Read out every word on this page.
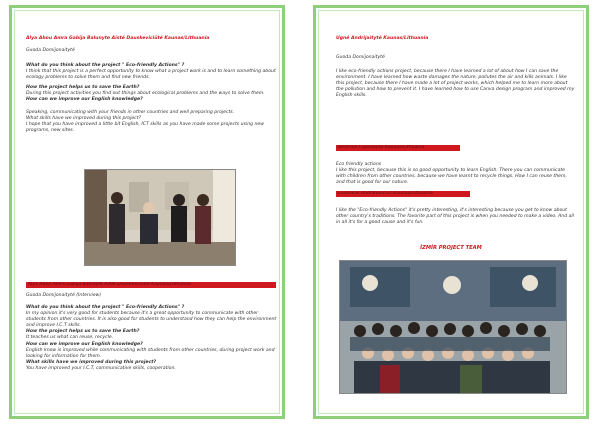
Alya Abou Amra Gabija Balunyte Aisté Dauskeviciūté Kaunas/Lithuania
Guoda Domijonaityté
What do you think about the project " Eco-friendly Actions" ?
I think that this project is a perfect opportunity to know what a project work is and to learn something about ecology problems to solve them and find new friends.
How the project helps us to save the Earth?
During this project activities you find out things about ecological problems and the ways to solve them.
How can we improve our English knowledge?
Speaking, communicating with your friends in other countries and well preparing projects.
What skills have we improved during this project?
I hope that you have improved a little bit English, ICT skills as you have made some projects using new programs, new sites.
Alya Abou Amra Gabija Balunyte Aisté Dauskeviciūté Kaunas/Lithuania
Guoda Domijonaityté (Interview)
What do you think about the project " Eco-friendly Actions" ?
In my opinion it's very good for students because it's a great opportunity to communicate with other students from other countries. It is also good for students to understand how they can help the environment and improve I.C.T skills.
How the project helps us to save the Earth?
It teaches us what can reuse, recycle.
How can we improve our English knowledge?
English know is improved while communicating with students from other countries, during project work and looking for information for them.
What skills have we improved during this project?
You have improved your I.C.T, communicative skills, cooperation.
Ugné Andrijaityté Kaunas/Lithuania
Guoda Domijonaityté
I like eco-friendly actions project, because there I have learned a lot of about how I can save the environment. I have learned how waste damages the nature, pollutes the air and kills animals. I like this project, because there I have made a lot of project works, which helped me to learn more about the pollution and how to prevent it. I have learned how to use Canva design program and improved my English skills.
Beatričė Čeponkutė Kaunas/Lithuania
Eco friendly actions
I like this project, because this is so good opportunity to learn English. There you can communicate with children from other countries, because we have learnt to recycle things. How I can reuse them, and that is good for our nature.
Liudvikas Andrikevičius Kaunas/Lithuania
I like the "Eco-friendly Actions" it's pretty interesting, it's interesting because you get to know about other country's traditions. The favorite part of this project is when you needed to make a video. And all in all it's for a good cause and it's fun.
İZMİR PROJECT TEAM
